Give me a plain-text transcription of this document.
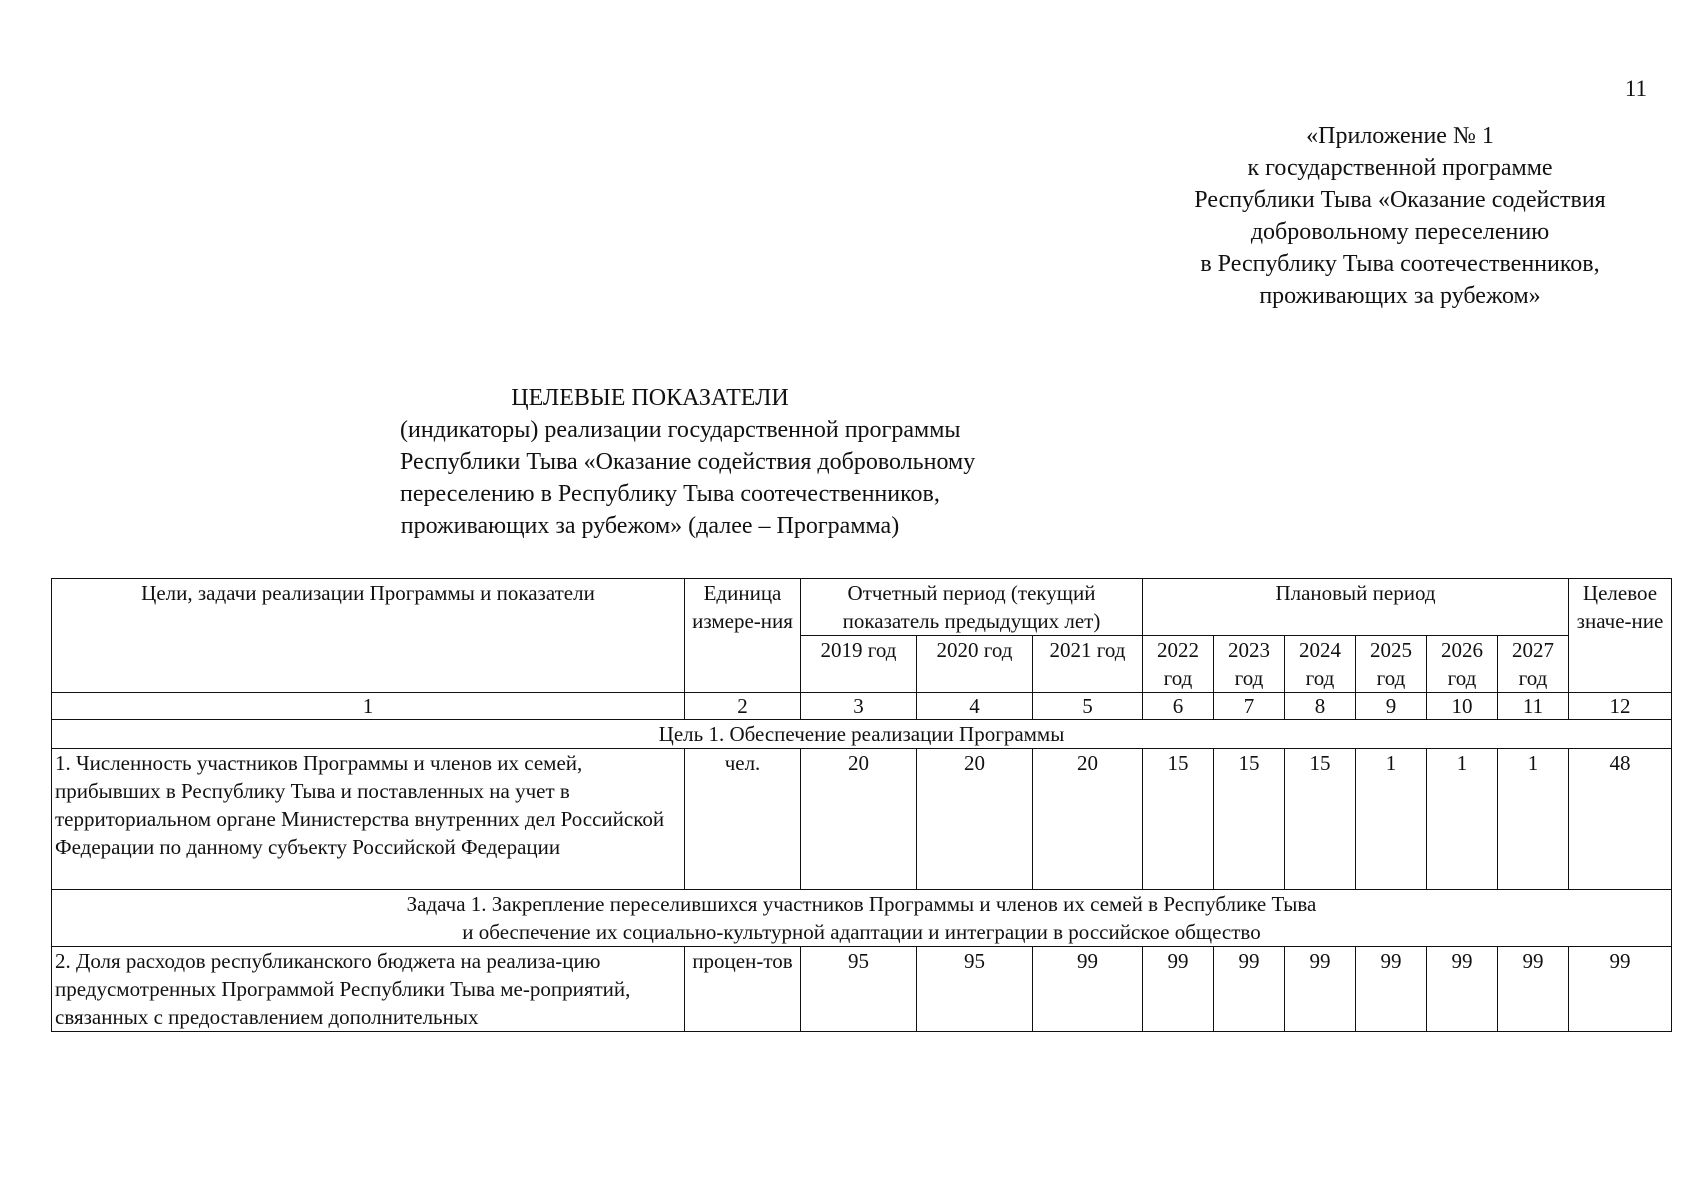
11
«Приложение № 1
к государственной программе
Республики Тыва «Оказание содействия
добровольному переселению
в Республику Тыва соотечественников,
проживающих за рубежом»
ЦЕЛЕВЫЕ ПОКАЗАТЕЛИ
(индикаторы) реализации государственной программы
Республики Тыва «Оказание содействия добровольному
переселению в Республику Тыва соотечественников,
проживающих за рубежом» (далее – Программа)
Цели, задачи реализации Программы и показатели	Единица измере-ния	Отчетный период (текущий показатель предыдущих лет)			Плановый период						Целевое значе-ние
		2019 год	2020 год	2021 год	2022 год	2023 год	2024 год	2025 год	2026 год	2027 год	
1	2	3	4	5	6	7	8	9	10	11	12
Цель 1. Обеспечение реализации Программы											
1. Численность участников Программы и членов их семей, прибывших в Республику Тыва и поставленных на учет в территориальном органе Министерства внутренних дел Российской Федерации по данному субъекту Российской Федерации	чел.	20	20	20	15	15	15	1	1	1	48

Задача 1. Закрепление переселившихся участников Программы и членов их семей в Республике Тыва
и обеспечение их социально-культурной адаптации и интеграции в российское общество											

2. Доля расходов республиканского бюджета на реализа-цию предусмотренных Программой Республики Тыва ме-роприятий, связанных с предоставлением дополнительных	процен-тов	95	95	99	99	99	99	99	99	99	99
